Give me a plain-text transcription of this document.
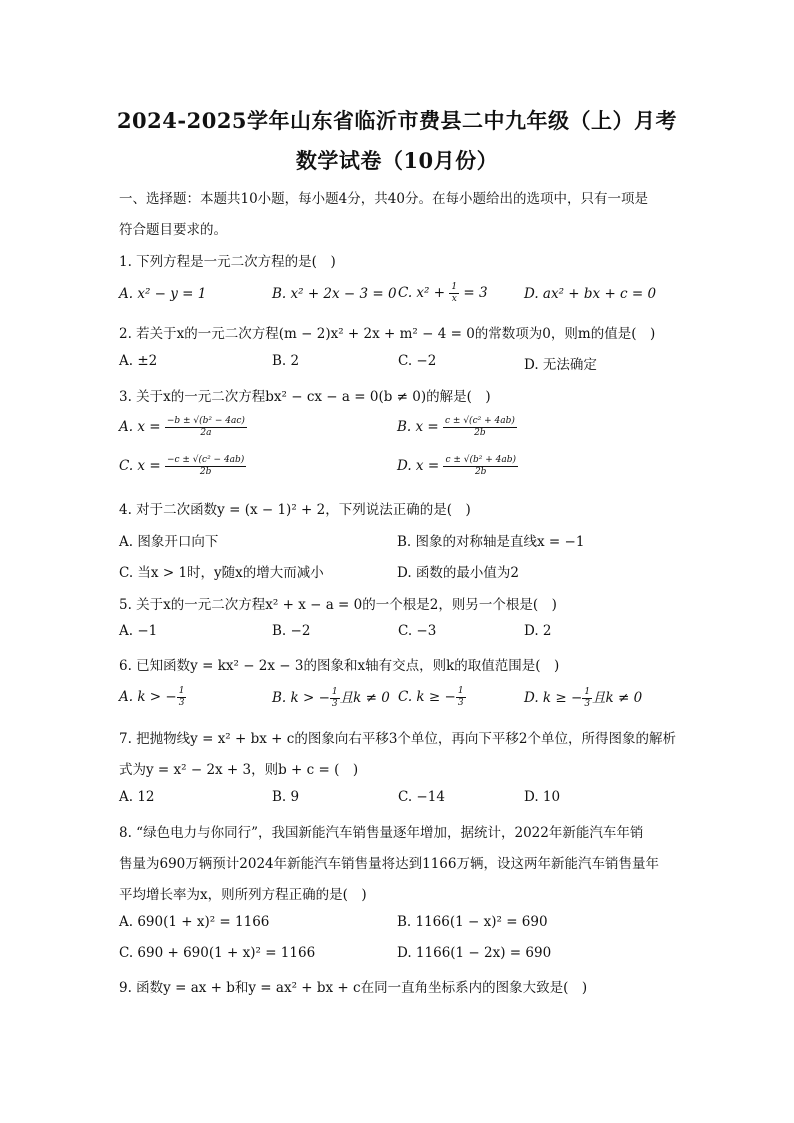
2024-2025学年山东省临沂市费县二中九年级（上）月考
数学试卷（10月份）
一、选择题：本题共10小题，每小题4分，共40分。在每小题给出的选项中，只有一项是
符合题目要求的。
1. 下列方程是一元二次方程的是(　)
A. x² − y = 1	B. x² + 2x − 3 = 0 C. $x^2 + \frac{1}{x} = 3$	D. ax² + bx + c = 0
2. 若关于x的一元二次方程(m − 2)x² + 2x + m² − 4 = 0的常数项为0，则m的值是(　)
A. ±2	B. 2	C. −2	D. 无法确定
3. 关于x的一元二次方程bx² − cx − a = 0(b ≠ 0)的解是(　)
A. $x = \frac{\text{−b ± √(b² − 4ac)}}{2a}$	B. $x = \frac{\text{c ± √(c² + 4ab)}}{2b}$
C. $x = \frac{\text{−c ± √(c² − 4ab)}}{2b}$	D. $x = \frac{\text{c ± √(b² + 4ab)}}{2b}$
4. 对于二次函数y = (x − 1)² + 2，下列说法正确的是(　)
A. 图象开口向下	B. 图象的对称轴是直线x = −1
C. 当x > 1时，y随x的增大而减小	D. 函数的最小值为2
5. 关于x的一元二次方程x² + x − a = 0的一个根是2，则另一个根是(　)
A. −1	B. −2	C. −3	D. 2
6. 已知函数y = kx² − 2x − 3的图象和x轴有交点，则k的取值范围是(　)
A. k > − $\frac{1}{3}$	B. k > − $\frac{1}{3}$ 且k ≠ 0 C. k ≥ − $\frac{1}{3}$	D. k ≥ − $\frac{1}{3}$ 且k ≠ 0
7. 把抛物线y = x² + bx + c的图象向右平移3个单位，再向下平移2个单位，所得图象的解析
式为y = x² − 2x + 3，则b + c = (　)
A. 12	B. 9	C. −14	D. 10
8. “绿色电力与你同行”，我国新能汽车销售量逐年增加，据统计，2022年新能汽车年销
售量为690万辆预计2024年新能汽车销售量将达到1166万辆，设这两年新能汽车销售量年
平均增长率为x，则所列方程正确的是(　)
A. 690(1 + x)² = 1166	B. 1166(1 − x)² = 690
C. 690 + 690(1 + x)² = 1166	D. 1166(1 − 2x) = 690
9. 函数y = ax + b和y = ax² + bx + c在同一直角坐标系内的图象大致是(　)
